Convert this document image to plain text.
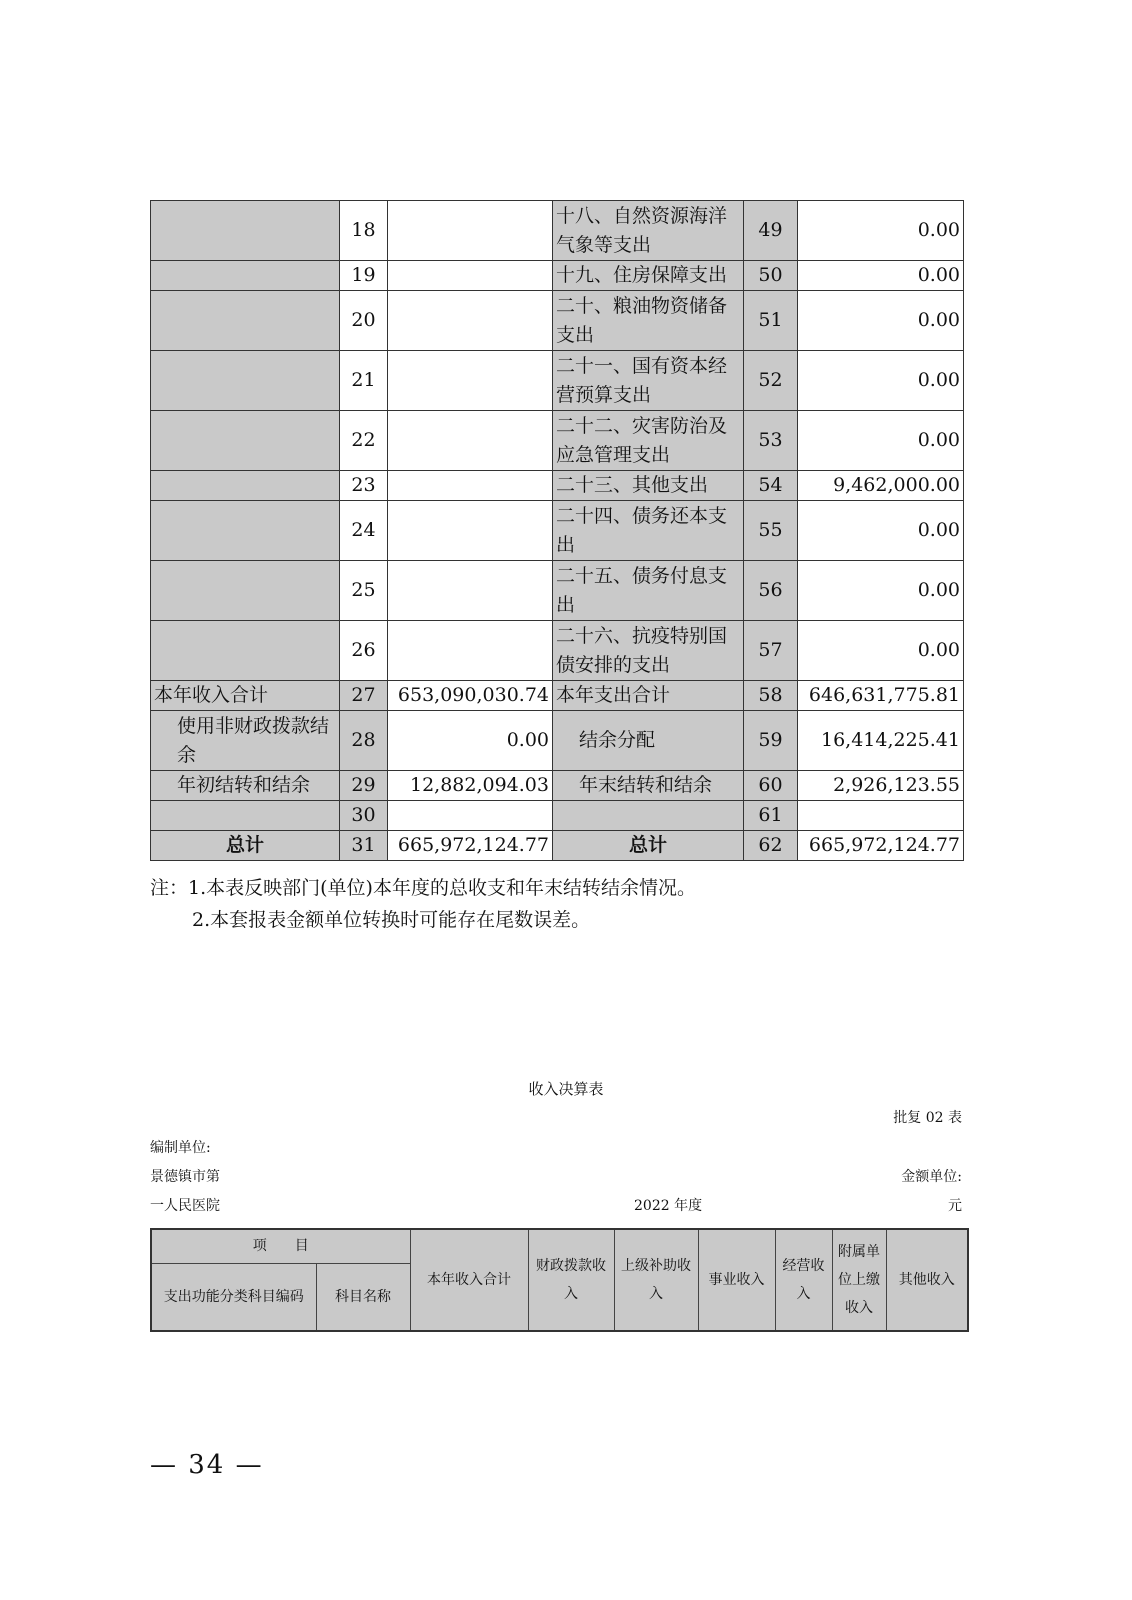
	18		十八、自然资源海洋气象等支出	49	0.00
	19		十九、住房保障支出	50	0.00
	20		二十、粮油物资储备支出	51	0.00
	21		二十一、国有资本经营预算支出	52	0.00
	22		二十二、灾害防治及应急管理支出	53	0.00
	23		二十三、其他支出	54	9,462,000.00
	24		二十四、债务还本支出	55	0.00
	25		二十五、债务付息支出	56	0.00
	26		二十六、抗疫特别国债安排的支出	57	0.00
本年收入合计	27	653,090,030.74	本年支出合计	58	646,631,775.81
使用非财政拨款结余	28	0.00	结余分配	59	16,414,225.41
年初结转和结余	29	12,882,094.03	年末结转和结余	60	2,926,123.55
	30			61	
总计	31	665,972,124.77	总计	62	665,972,124.77
注：1.本表反映部门(单位)本年度的总收支和年末结转结余情况。
2.本套报表金额单位转换时可能存在尾数误差。
收入决算表
批复 02 表
编制单位:
景德镇市第	金额单位:
一人民医院	2022 年度	元
项　　目		本年收入合计	财政拨款收入	上级补助收入	事业收入	经营收入	附属单位上缴收入	其他收入
支出功能分类科目编码	科目名称							
— 34 —
